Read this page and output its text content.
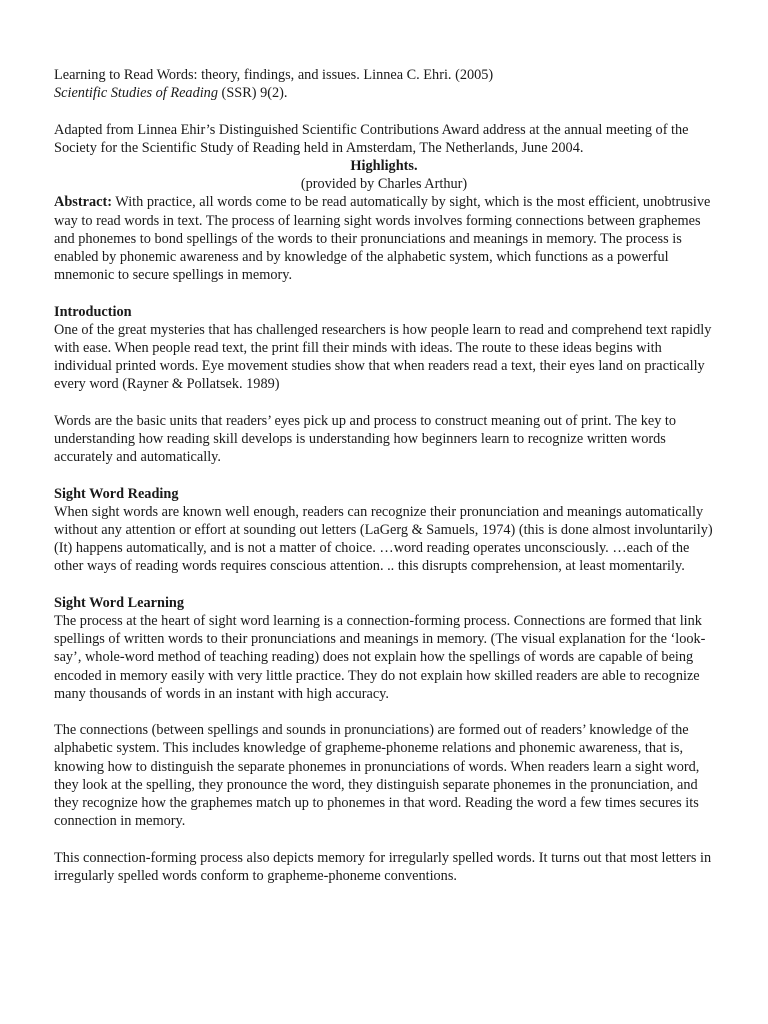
Learning to Read Words: theory, findings, and issues. Linnea C. Ehri. (2005)

Scientific Studies of Reading (SSR) 9(2).

Adapted from Linnea Ehir’s Distinguished Scientific Contributions Award address at the annual meeting of the Society for the Scientific Study of Reading held in Amsterdam, The Netherlands, June 2004.

Highlights.

(provided by Charles Arthur)

Abstract: With practice, all words come to be read automatically by sight, which is the most efficient, unobtrusive way to read words in text. The process of learning sight words involves forming connections between graphemes and phonemes to bond spellings of the words to their pronunciations and meanings in memory. The process is enabled by phonemic awareness and by knowledge of the alphabetic system, which functions as a powerful mnemonic to secure spellings in memory.

Introduction

One of the great mysteries that has challenged researchers is how people learn to read and comprehend text rapidly with ease. When people read text, the print fill their minds with ideas. The route to these ideas begins with individual printed words. Eye movement studies show that when readers read a text, their eyes land on practically every word (Rayner & Pollatsek. 1989)

Words are the basic units that readers’ eyes pick up and process to construct meaning out of print. The key to understanding how reading skill develops is understanding how beginners learn to recognize written words accurately and automatically.

Sight Word Reading

When sight words are known well enough, readers can recognize their pronunciation and meanings automatically without any attention or effort at sounding out letters (LaGerg & Samuels, 1974) (this is done almost involuntarily) (It) happens automatically, and is not a matter of choice. …word reading operates unconsciously. …each of the other ways of reading words requires conscious attention. .. this disrupts comprehension, at least momentarily.

Sight Word Learning

The process at the heart of sight word learning is a connection-forming process. Connections are formed that link spellings of written words to their pronunciations and meanings in memory. (The visual explanation for the ‘look-say’, whole-word method of teaching reading) does not explain how the spellings of words are capable of being encoded in memory easily with very little practice. They do not explain how skilled readers are able to recognize many thousands of words in an instant with high accuracy.

The connections (between spellings and sounds in pronunciations) are formed out of readers’ knowledge of the alphabetic system. This includes knowledge of grapheme-phoneme relations and phonemic awareness, that is, knowing how to distinguish the separate phonemes in pronunciations of words. When readers learn a sight word, they look at the spelling, they pronounce the word, they distinguish separate phonemes in the pronunciation, and they recognize how the graphemes match up to phonemes in that word. Reading the word a few times secures its connection in memory.

This connection-forming process also depicts memory for irregularly spelled words. It turns out that most letters in irregularly spelled words conform to grapheme-phoneme conventions.
